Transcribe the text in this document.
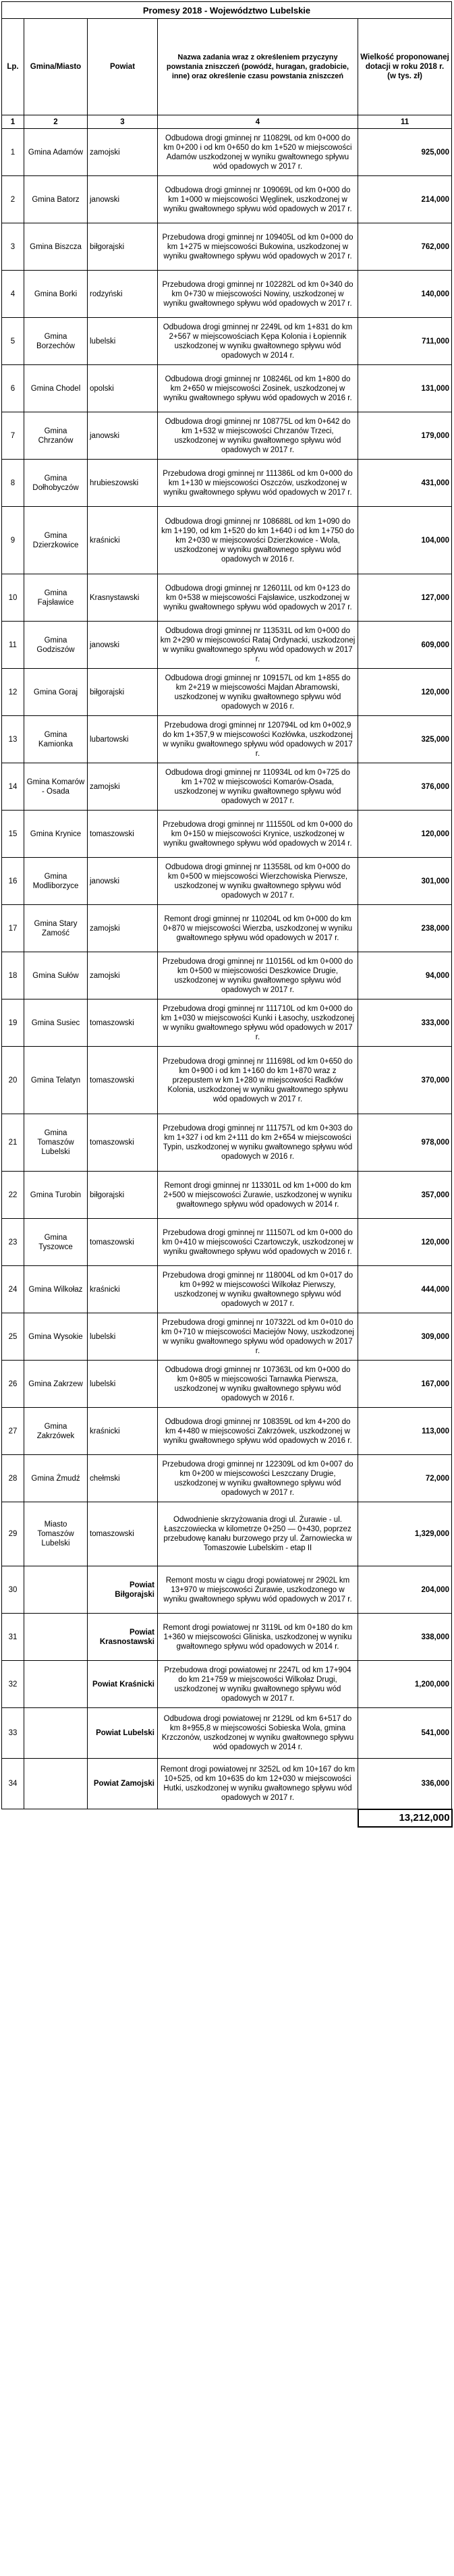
Promesy 2018 - Województwo Lubelskie				
Lp.	Gmina/Miasto	Powiat	Nazwa zadania wraz z określeniem przyczyny powstania zniszczeń (powódź, huragan, gradobicie, inne) oraz określenie czasu powstania zniszczeń	Wielkość proponowanej dotacji w roku 2018 r.
(w tys. zł)

1	2	3	4	11
1	Gmina Adamów	zamojski	Odbudowa drogi gminnej nr 110829L od km 0+000 do km 0+200 i od km 0+650 do km 1+520 w miejscowości Adamów uszkodzonej w wyniku gwałtownego spływu wód opadowych w 2017 r.	925,000
2	Gmina Batorz	janowski	Odbudowa drogi gminnej nr 109069L od km 0+000 do km 1+000 w miejscowości Węglinek, uszkodzonej w wyniku gwałtownego spływu wód opadowych w 2017 r.	214,000
3	Gmina Biszcza	biłgorajski	Przebudowa drogi gminnej nr 109405L od km 0+000 do km 1+275 w miejscowości Bukowina, uszkodzonej w wyniku gwałtownego spływu wód opadowych w 2017 r.	762,000
4	Gmina Borki	rodzyński	Przebudowa drogi gminnej nr 102282L od km 0+340 do km 0+730 w miejscowości Nowiny, uszkodzonej w wyniku gwałtownego spływu wód opadowych w 2017 r.	140,000
5	Gmina Borzechów	lubelski	Odbudowa drogi gminnej nr 2249L od km 1+831 do km 2+567 w miejscowościach Kępa Kolonia i Łopiennik uszkodzonej w wyniku gwałtownego spływu wód opadowych w 2014 r.	711,000
6	Gmina Chodel	opolski	Odbudowa drogi gminnej nr 108246L od km 1+800 do km 2+650 w miejscowości Zosinek, uszkodzonej w wyniku gwałtownego spływu wód opadowych w 2016 r.	131,000
7	Gmina Chrzanów	janowski	Odbudowa drogi gminnej nr 108775L od km 0+642 do km 1+532 w miejscowości Chrzanów Trzeci, uszkodzonej w wyniku gwałtownego spływu wód opadowych w 2017 r.	179,000
8	Gmina Dołhobyczów	hrubieszowski	Przebudowa drogi gminnej nr 111386L od km 0+000 do km 1+130 w miejscowości Oszczów, uszkodzonej w wyniku gwałtownego spływu wód opadowych w 2017 r.	431,000
9	Gmina Dzierzkowice	kraśnicki	Odbudowa drogi gminnej nr 108688L od km 1+090 do km 1+190, od km 1+520 do km 1+640 i od km 1+750 do km 2+030 w miejscowości Dzierzkowice - Wola, uszkodzonej w wyniku gwałtownego spływu wód opadowych w 2016 r.	104,000
10	Gmina Fajsławice	Krasnystawski	Odbudowa drogi gminnej nr 126011L od km 0+123 do km 0+538 w miejscowości Fajsławice, uszkodzonej w wyniku gwałtownego spływu wód opadowych w 2017 r.	127,000
11	Gmina Godziszów	janowski	Odbudowa drogi gminnej nr 113531L od km 0+000 do km 2+290 w miejscowości Rataj Ordynacki, uszkodzonej w wyniku gwałtownego spływu wód opadowych w 2017 r.	609,000
12	Gmina Goraj	biłgorajski	Odbudowa drogi gminnej nr 109157L od km 1+855 do km 2+219 w miejscowości Majdan Abramowski, uszkodzonej w wyniku gwałtownego spływu wód opadowych w 2016 r.	120,000
13	Gmina Kamionka	lubartowski	Przebudowa drogi gminnej nr 120794L od km 0+002,9 do km 1+357,9 w miejscowości Kozłówka, uszkodzonej w wyniku gwałtownego spływu wód opadowych w 2017 r.	325,000
14	Gmina Komarów - Osada	zamojski	Odbudowa drogi gminnej nr 110934L od km 0+725 do km 1+702 w miejscowości Komarów-Osada, uszkodzonej w wyniku gwałtownego spływu wód opadowych w 2017 r.	376,000
15	Gmina Krynice	tomaszowski	Przebudowa drogi gminnej nr 111550L od km 0+000 do km 0+150 w miejscowości Krynice, uszkodzonej w wyniku gwałtownego spływu wód opadowych w 2014 r.	120,000
16	Gmina Modliborzyce	janowski	Odbudowa drogi gminnej nr 113558L od km 0+000 do km 0+500 w miejscowości Wierzchowiska Pierwsze, uszkodzonej w wyniku gwałtownego spływu wód opadowych w 2017 r.	301,000
17	Gmina Stary Zamość	zamojski	Remont drogi gminnej nr 110204L od km 0+000 do km 0+870 w miejscowości Wierzba, uszkodzonej w wyniku gwałtownego spływu wód opadowych w 2017 r.	238,000
18	Gmina Sułów	zamojski	Przebudowa drogi gminnej nr 110156L od km 0+000 do km 0+500 w miejscowości Deszkowice Drugie, uszkodzonej w wyniku gwałtownego spływu wód opadowych w 2017 r.	94,000
19	Gmina Susiec	tomaszowski	Przebudowa drogi gminnej nr 111710L od km 0+000 do km 1+030 w miejscowości Kunki i Łasochy, uszkodzonej w wyniku gwałtownego spływu wód opadowych w 2017 r.	333,000
20	Gmina Telatyn	tomaszowski	Przebudowa drogi gminnej nr 111698L od km 0+650 do km 0+900 i od km 1+160 do km 1+870 wraz z przepustem w km 1+280 w miejscowości Radków Kolonia, uszkodzonej w wyniku gwałtownego spływu wód opadowych w 2017 r.	370,000
21	Gmina Tomaszów Lubelski	tomaszowski	Przebudowa drogi gminnej nr 111757L od km 0+303 do km 1+327 i od km 2+111 do km 2+654 w miejscowości Typin, uszkodzonej w wyniku gwałtownego spływu wód opadowych w 2016 r.	978,000
22	Gmina Turobin	biłgorajski	Remont drogi gminnej nr 113301L od km 1+000 do km 2+500 w miejscowości Żurawie, uszkodzonej w wyniku gwałtownego spływu wód opadowych w 2014 r.	357,000
23	Gmina Tyszowce	tomaszowski	Przebudowa drogi gminnej nr 111507L od km 0+000 do km 0+410 w miejscowości Czartowczyk, uszkodzonej w wyniku gwałtownego spływu wód opadowych w 2016 r.	120,000
24	Gmina Wilkołaz	kraśnicki	Przebudowa drogi gminnej nr 118004L od km 0+017 do km 0+992 w miejscowości Wilkołaz Pierwszy, uszkodzonej w wyniku gwałtownego spływu wód opadowych w 2017 r.	444,000
25	Gmina Wysokie	lubelski	Przebudowa drogi gminnej nr 107322L od km 0+010 do km 0+710 w miejscowości Maciejów Nowy, uszkodzonej w wyniku gwałtownego spływu wód opadowych w 2017 r.	309,000
26	Gmina Zakrzew	lubelski	Odbudowa drogi gminnej nr 107363L od km 0+000 do km 0+805 w miejscowości Tarnawka Pierwsza, uszkodzonej w wyniku gwałtownego spływu wód opadowych w 2016 r.	167,000
27	Gmina Zakrzówek	kraśnicki	Odbudowa drogi gminnej nr 108359L od km 4+200 do km 4+480 w miejscowości Zakrzówek, uszkodzonej w wyniku gwałtownego spływu wód opadowych w 2016 r.	113,000
28	Gmina Żmudź	chełmski	Przebudowa drogi gminnej nr 122309L od km 0+007 do km 0+200 w miejscowości Leszczany Drugie, uszkodzonej w wyniku gwałtownego spływu wód opadowych w 2017 r.	72,000
29	Miasto Tomaszów Lubelski	tomaszowski	Odwodnienie skrzyżowania drogi ul. Żurawie - ul. Łaszczowiecka w kilometrze 0+250 — 0+430, poprzez przebudowę kanału burzowego przy ul. Żarnowiecka w Tomaszowie Lubelskim - etap II	1,329,000
30		Powiat Biłgorajski	Remont mostu w ciągu drogi powiatowej nr 2902L km 13+970 w miejscowości Żurawie, uszkodzonego w wyniku gwałtownego spływu wód opadowych w 2017 r.	204,000
31		Powiat Krasnostawski	Remont drogi powiatowej nr 3119L od km 0+180 do km 1+360 w miejscowości Gliniska, uszkodzonej w wyniku gwałtownego spływu wód opadowych w 2014 r.	338,000
32		Powiat Kraśnicki	Przebudowa drogi powiatowej nr 2247L od km 17+904 do km 21+759 w miejscowości Wilkołaz Drugi, uszkodzonej w wyniku gwałtownego spływu wód opadowych w 2017 r.	1,200,000
33		Powiat Lubelski	Odbudowa drogi powiatowej nr 2129L od km 6+517 do km 8+955,8 w miejscowości Sobieska Wola, gmina Krzczonów, uszkodzonej w wyniku gwałtownego spływu wód opadowych w 2014 r.	541,000
34		Powiat Zamojski	Remont drogi powiatowej nr 3252L od km 10+167 do km 10+525, od km 10+635 do km 12+030 w miejscowości Hutki, uszkodzonej w wyniku gwałtownego spływu wód opadowych w 2017 r.	336,000
				13,212,000
